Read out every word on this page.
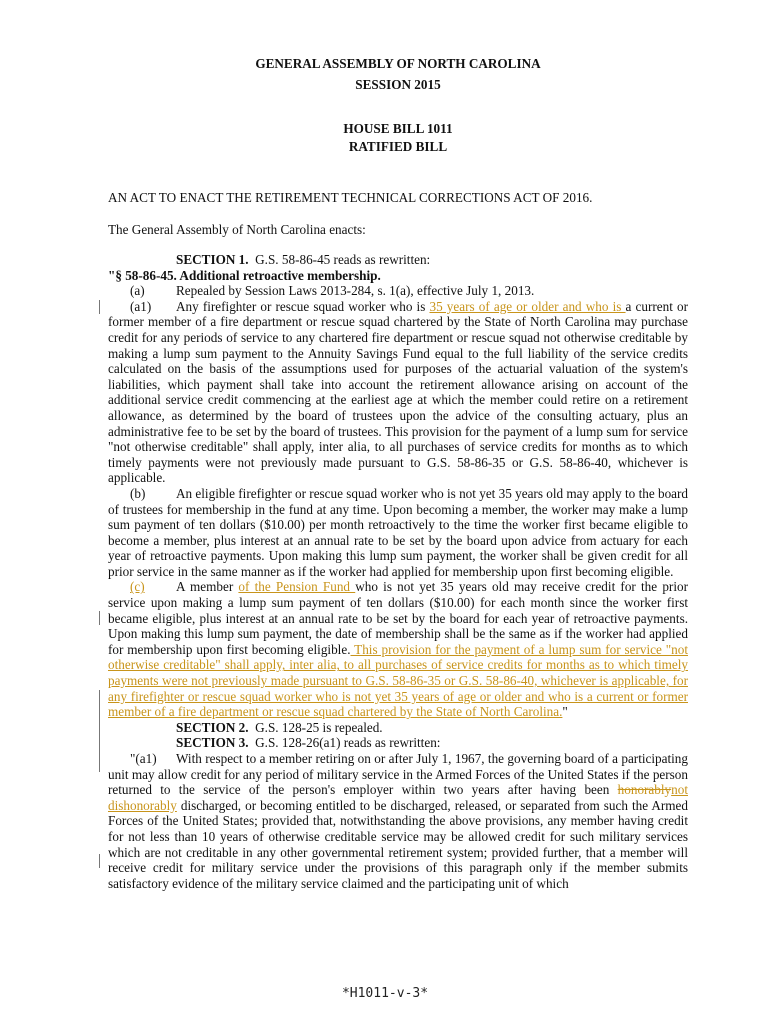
GENERAL ASSEMBLY OF NORTH CAROLINA
SESSION 2015
HOUSE BILL 1011
RATIFIED BILL
AN ACT TO ENACT THE RETIREMENT TECHNICAL CORRECTIONS ACT OF 2016.
The General Assembly of North Carolina enacts:

SECTION 1. G.S. 58-86-45 reads as rewritten:

"§ 58-86-45. Additional retroactive membership.

(a) Repealed by Session Laws 2013-284, s. 1(a), effective July 1, 2013.

(a1) Any firefighter or rescue squad worker who is 35 years of age or older and who is a current or former member of a fire department or rescue squad chartered by the State of North Carolina may purchase credit for any periods of service to any chartered fire department or rescue squad not otherwise creditable by making a lump sum payment to the Annuity Savings Fund equal to the full liability of the service credits calculated on the basis of the assumptions used for purposes of the actuarial valuation of the system's liabilities, which payment shall take into account the retirement allowance arising on account of the additional service credit commencing at the earliest age at which the member could retire on a retirement allowance, as determined by the board of trustees upon the advice of the consulting actuary, plus an administrative fee to be set by the board of trustees. This provision for the payment of a lump sum for service "not otherwise creditable" shall apply, inter alia, to all purchases of service credits for months as to which timely payments were not previously made pursuant to G.S. 58-86-35 or G.S. 58-86-40, whichever is applicable.

(b) An eligible firefighter or rescue squad worker who is not yet 35 years old may apply to the board of trustees for membership in the fund at any time. Upon becoming a member, the worker may make a lump sum payment of ten dollars ($10.00) per month retroactively to the time the worker first became eligible to become a member, plus interest at an annual rate to be set by the board upon advice from actuary for each year of retroactive payments. Upon making this lump sum payment, the worker shall be given credit for all prior service in the same manner as if the worker had applied for membership upon first becoming eligible.

(c) A member of the Pension Fund who is not yet 35 years old may receive credit for the prior service upon making a lump sum payment of ten dollars ($10.00) for each month since the worker first became eligible, plus interest at an annual rate to be set by the board for each year of retroactive payments. Upon making this lump sum payment, the date of membership shall be the same as if the worker had applied for membership upon first becoming eligible. This provision for the payment of a lump sum for service "not otherwise creditable" shall apply, inter alia, to all purchases of service credits for months as to which timely payments were not previously made pursuant to G.S. 58-86-35 or G.S. 58-86-40, whichever is applicable, for any firefighter or rescue squad worker who is not yet 35 years of age or older and who is a current or former member of a fire department or rescue squad chartered by the State of North Carolina."

SECTION 2. G.S. 128-25 is repealed.

SECTION 3. G.S. 128-26(a1) reads as rewritten:

"(a1) With respect to a member retiring on or after July 1, 1967, the governing board of a participating unit may allow credit for any period of military service in the Armed Forces of the United States if the person returned to the service of the person's employer within two years after having been honorablynot dishonorably discharged, or becoming entitled to be discharged, released, or separated from such the Armed Forces of the United States; provided that, notwithstanding the above provisions, any member having credit for not less than 10 years of otherwise creditable service may be allowed credit for such military services which are not creditable in any other governmental retirement system; provided further, that a member will receive credit for military service under the provisions of this paragraph only if the member submits satisfactory evidence of the military service claimed and the participating unit of which

*H1011-v-3*
